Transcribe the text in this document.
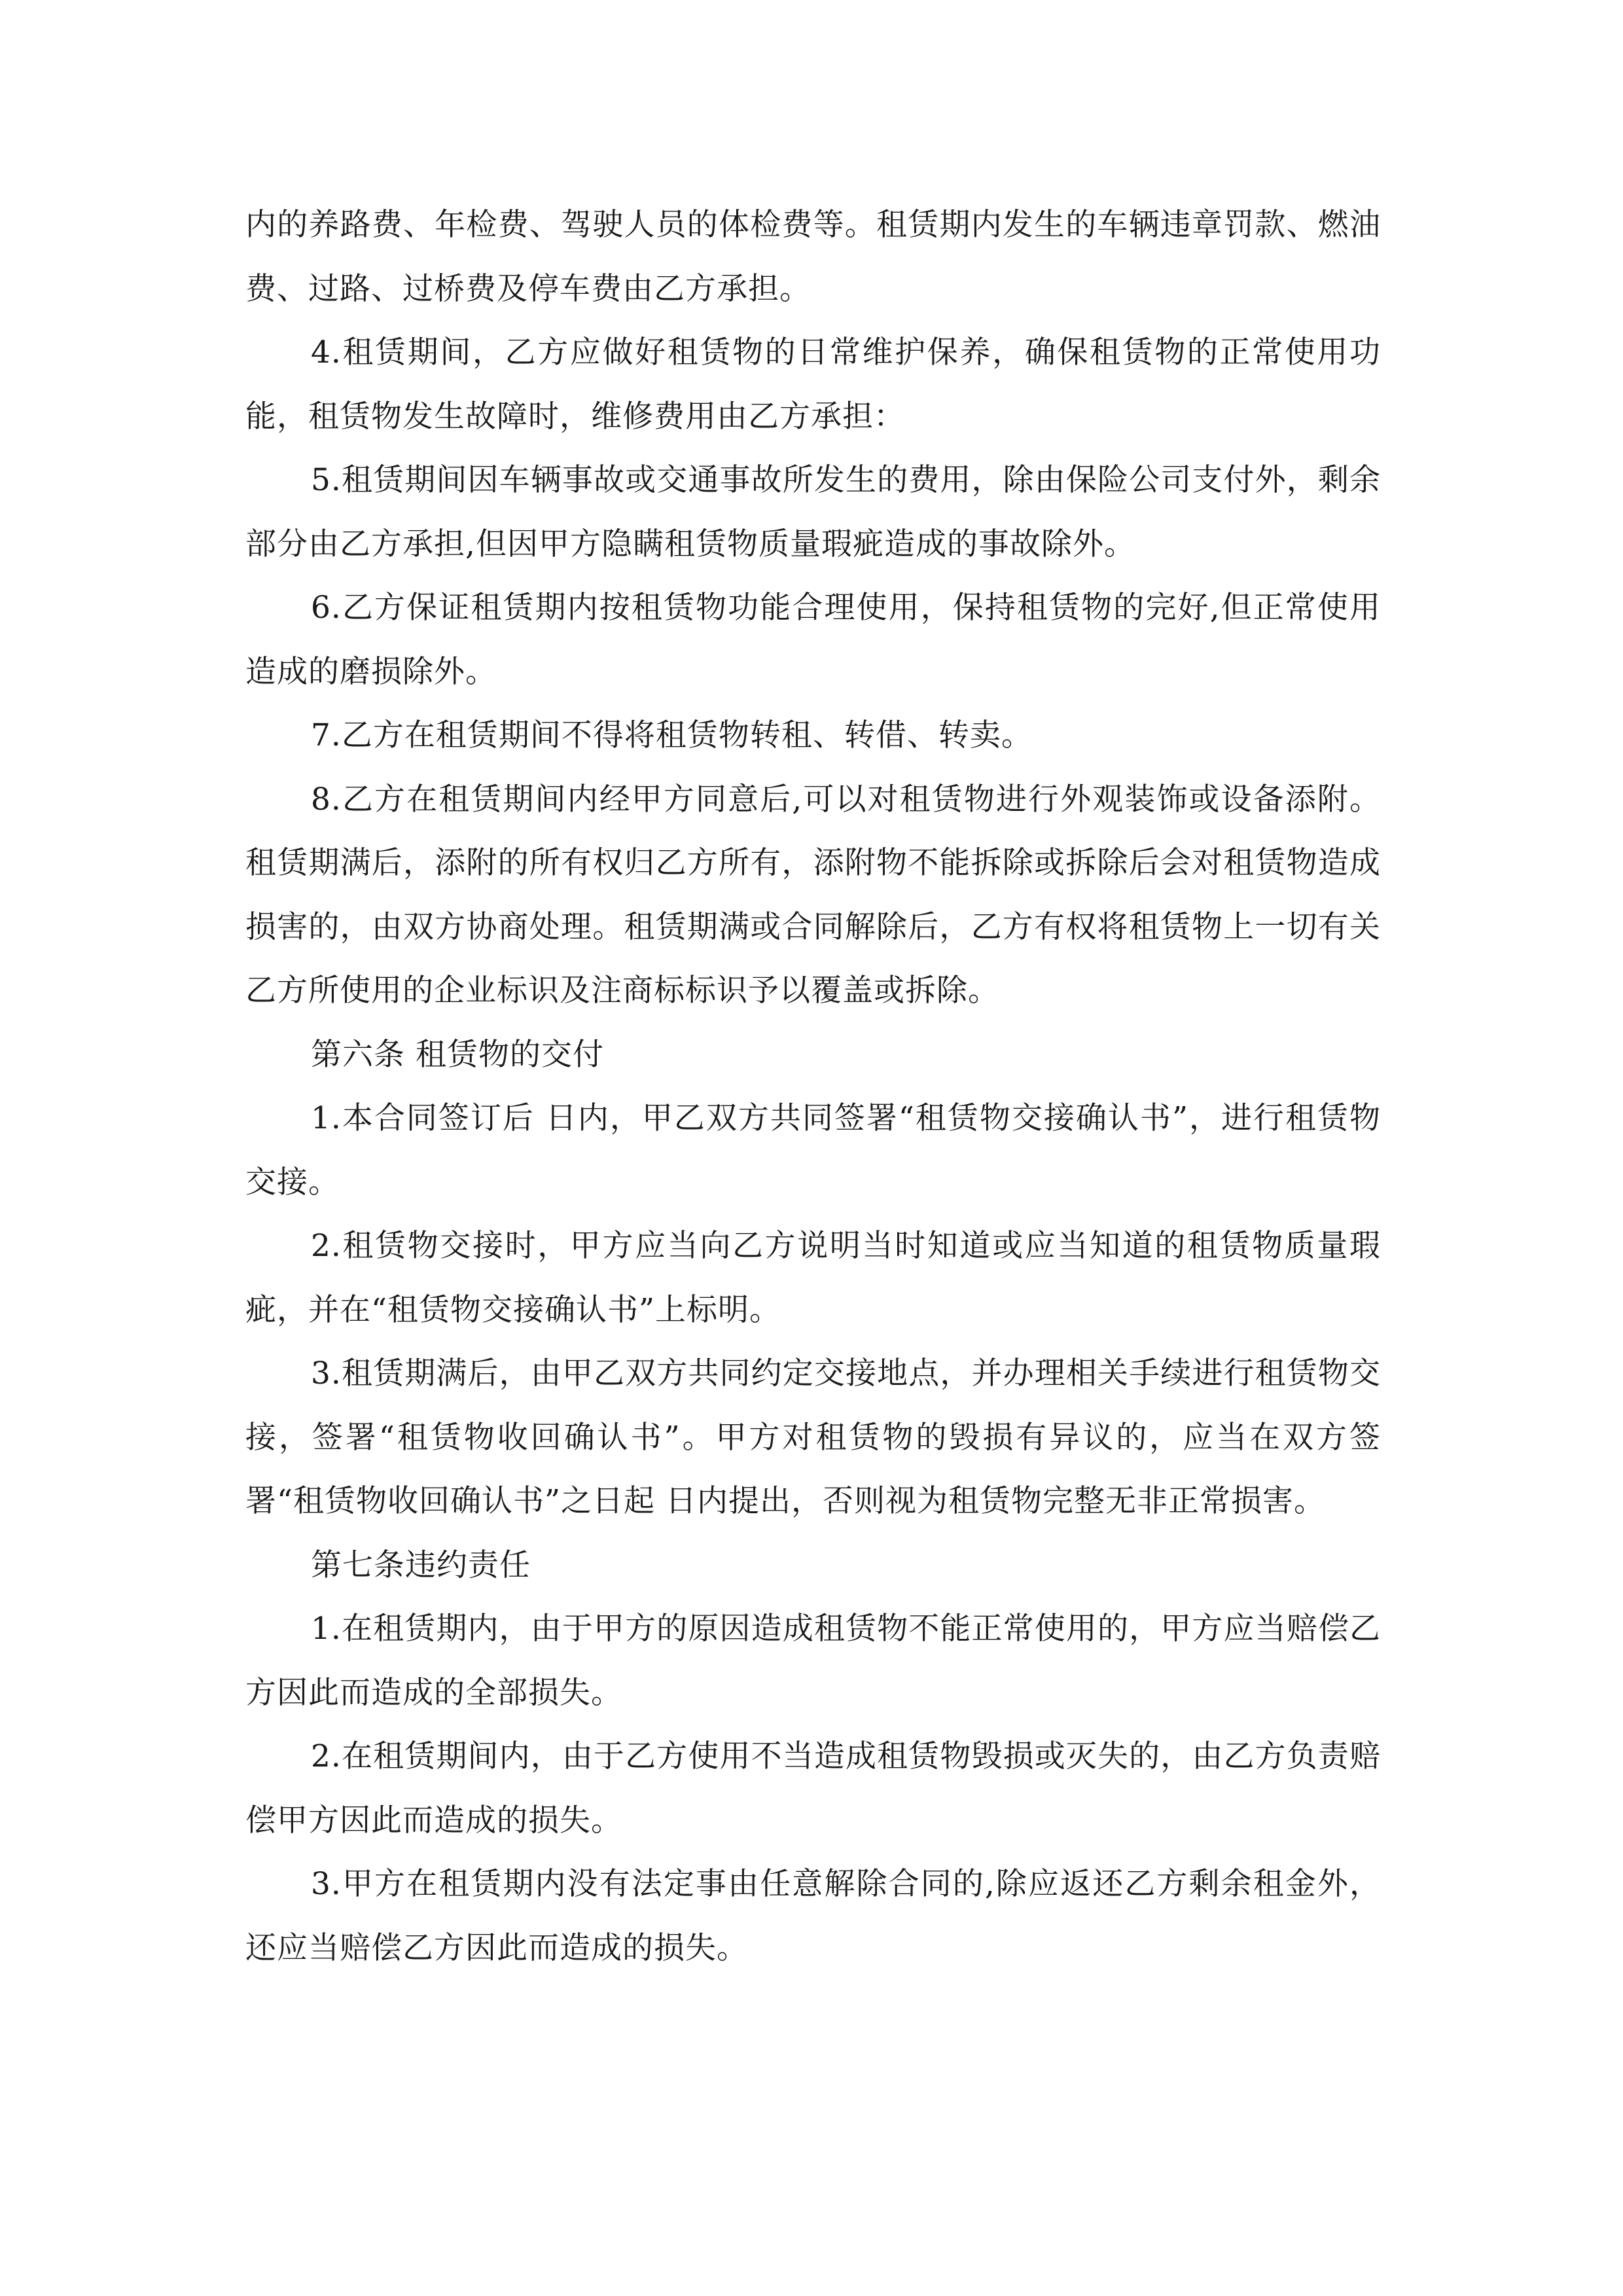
内的养路费、年检费、驾驶人员的体检费等。租赁期内发生的车辆违章罚款、燃油费、过路、过桥费及停车费由乙方承担。

4.租赁期间，乙方应做好租赁物的日常维护保养，确保租赁物的正常使用功能，租赁物发生故障时，维修费用由乙方承担：

5.租赁期间因车辆事故或交通事故所发生的费用，除由保险公司支付外，剩余部分由乙方承担,但因甲方隐瞒租赁物质量瑕疵造成的事故除外。

6.乙方保证租赁期内按租赁物功能合理使用，保持租赁物的完好,但正常使用造成的磨损除外。

7.乙方在租赁期间不得将租赁物转租、转借、转卖。

8.乙方在租赁期间内经甲方同意后,可以对租赁物进行外观装饰或设备添附。租赁期满后，添附的所有权归乙方所有，添附物不能拆除或拆除后会对租赁物造成损害的，由双方协商处理。租赁期满或合同解除后，乙方有权将租赁物上一切有关乙方所使用的企业标识及注商标标识予以覆盖或拆除。

第六条 租赁物的交付

1.本合同签订后 日内，甲乙双方共同签署“租赁物交接确认书”，进行租赁物交接。

2.租赁物交接时，甲方应当向乙方说明当时知道或应当知道的租赁物质量瑕疵，并在“租赁物交接确认书”上标明。

3.租赁期满后，由甲乙双方共同约定交接地点，并办理相关手续进行租赁物交接，签署“租赁物收回确认书”。甲方对租赁物的毁损有异议的，应当在双方签署“租赁物收回确认书”之日起 日内提出，否则视为租赁物完整无非正常损害。

第七条违约责任

1.在租赁期内，由于甲方的原因造成租赁物不能正常使用的，甲方应当赔偿乙方因此而造成的全部损失。

2.在租赁期间内，由于乙方使用不当造成租赁物毁损或灭失的，由乙方负责赔偿甲方因此而造成的损失。

3.甲方在租赁期内没有法定事由任意解除合同的,除应返还乙方剩余租金外，还应当赔偿乙方因此而造成的损失。
